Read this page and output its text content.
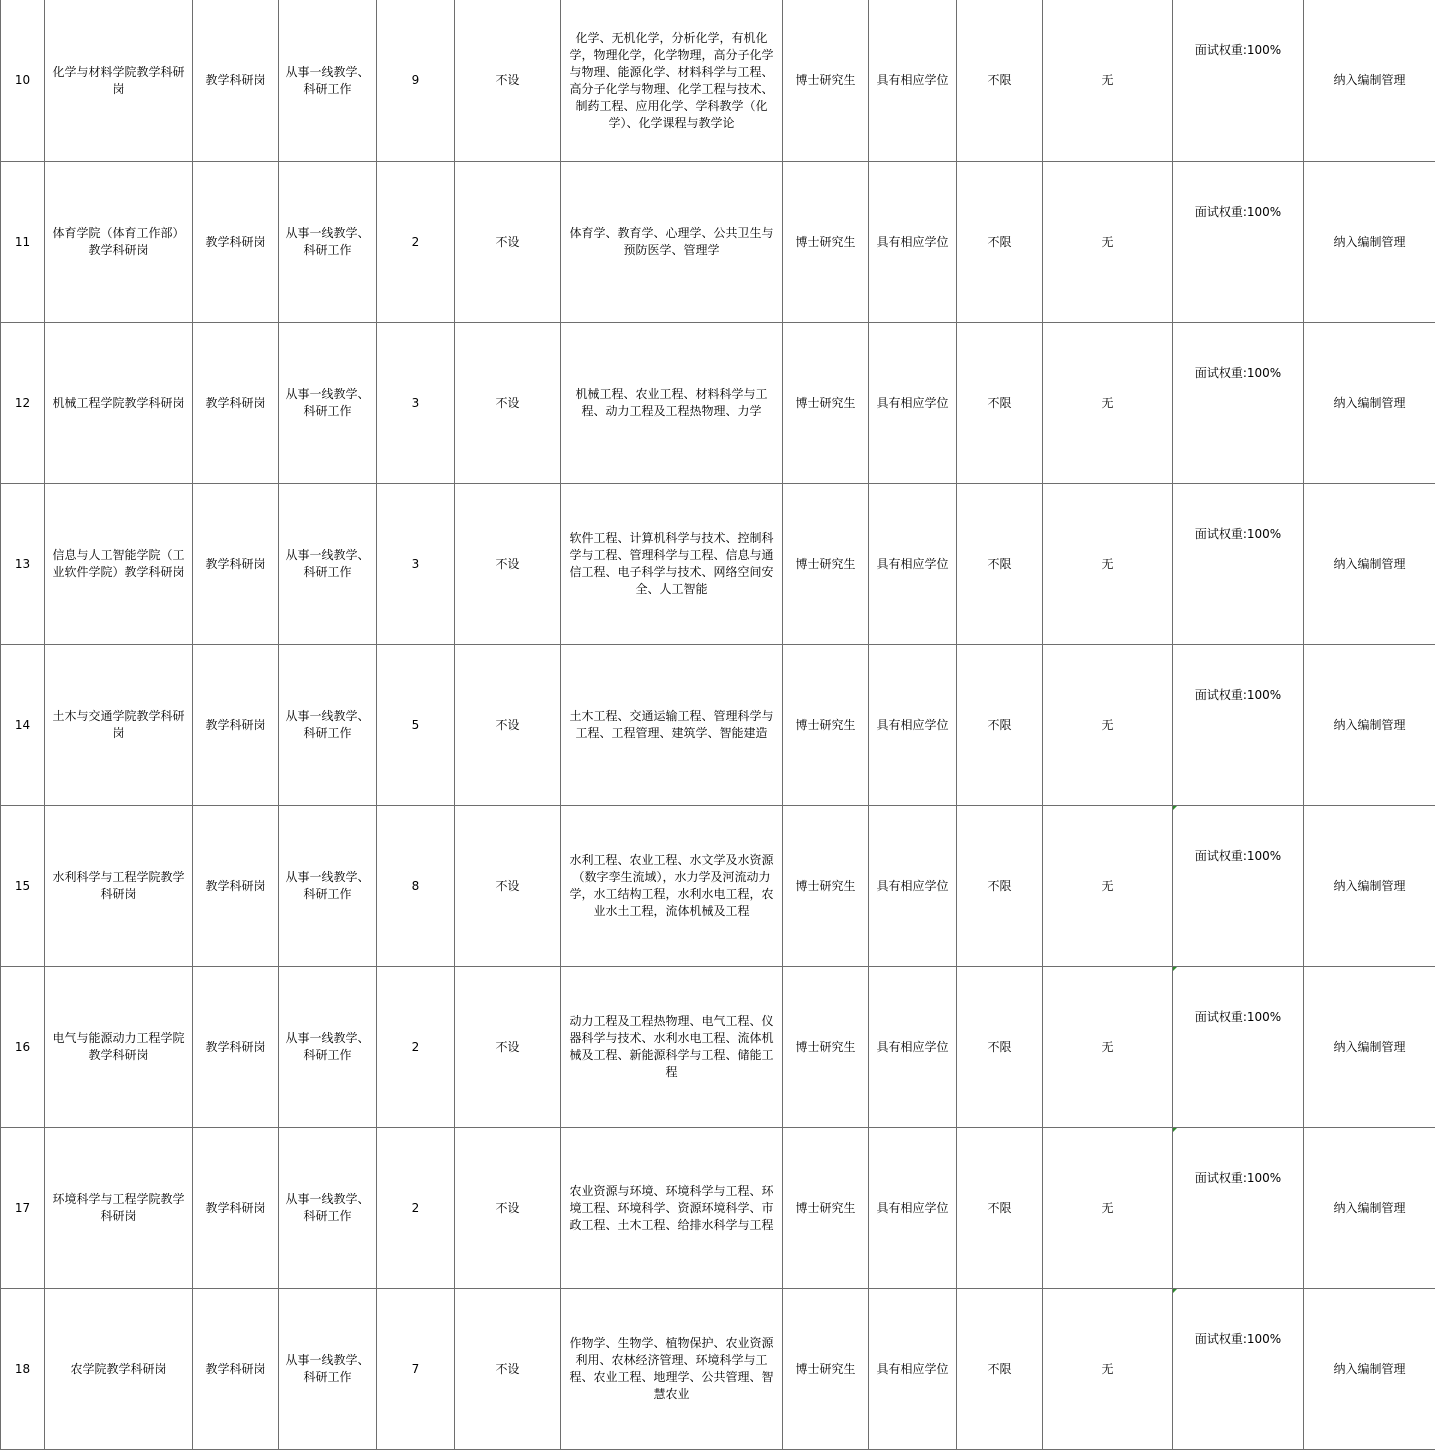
10	化学与材料学院教学科研岗	教学科研岗	从事一线教学、科研工作	9	不设	化学、无机化学，分析化学，有机化学，物理化学，化学物理，高分子化学与物理、能源化学、材料科学与工程、高分子化学与物理、化学工程与技术、制药工程、应用化学、学科教学（化学）、化学课程与教学论	博士研究生	具有相应学位	不限	无	面试权重:100%	纳入编制管理
11	体育学院（体育工作部）教学科研岗	教学科研岗	从事一线教学、科研工作	2	不设	体育学、教育学、心理学、公共卫生与预防医学、管理学	博士研究生	具有相应学位	不限	无	面试权重:100%	纳入编制管理
12	机械工程学院教学科研岗	教学科研岗	从事一线教学、科研工作	3	不设	机械工程、农业工程、材料科学与工程、动力工程及工程热物理、力学	博士研究生	具有相应学位	不限	无	面试权重:100%	纳入编制管理
13	信息与人工智能学院（工业软件学院）教学科研岗	教学科研岗	从事一线教学、科研工作	3	不设	软件工程、计算机科学与技术、控制科学与工程、管理科学与工程、信息与通信工程、电子科学与技术、网络空间安全、人工智能	博士研究生	具有相应学位	不限	无	面试权重:100%	纳入编制管理
14	土木与交通学院教学科研岗	教学科研岗	从事一线教学、科研工作	5	不设	土木工程、交通运输工程、管理科学与工程、工程管理、建筑学、智能建造	博士研究生	具有相应学位	不限	无	面试权重:100%	纳入编制管理
15	水利科学与工程学院教学科研岗	教学科研岗	从事一线教学、科研工作	8	不设	水利工程、农业工程、水文学及水资源（数字孪生流域），水力学及河流动力学，水工结构工程，水利水电工程，农业水土工程，流体机械及工程	博士研究生	具有相应学位	不限	无	面试权重:100%	纳入编制管理
16	电气与能源动力工程学院教学科研岗	教学科研岗	从事一线教学、科研工作	2	不设	动力工程及工程热物理、电气工程、仪器科学与技术、水利水电工程、流体机械及工程、新能源科学与工程、储能工程	博士研究生	具有相应学位	不限	无	面试权重:100%	纳入编制管理
17	环境科学与工程学院教学科研岗	教学科研岗	从事一线教学、科研工作	2	不设	农业资源与环境、环境科学与工程、环境工程、环境科学、资源环境科学、市政工程、土木工程、给排水科学与工程	博士研究生	具有相应学位	不限	无	面试权重:100%	纳入编制管理
18	农学院教学科研岗	教学科研岗	从事一线教学、科研工作	7	不设	作物学、生物学、植物保护、农业资源利用、农林经济管理、环境科学与工程、农业工程、地理学、公共管理、智慧农业	博士研究生	具有相应学位	不限	无	面试权重:100%	纳入编制管理
